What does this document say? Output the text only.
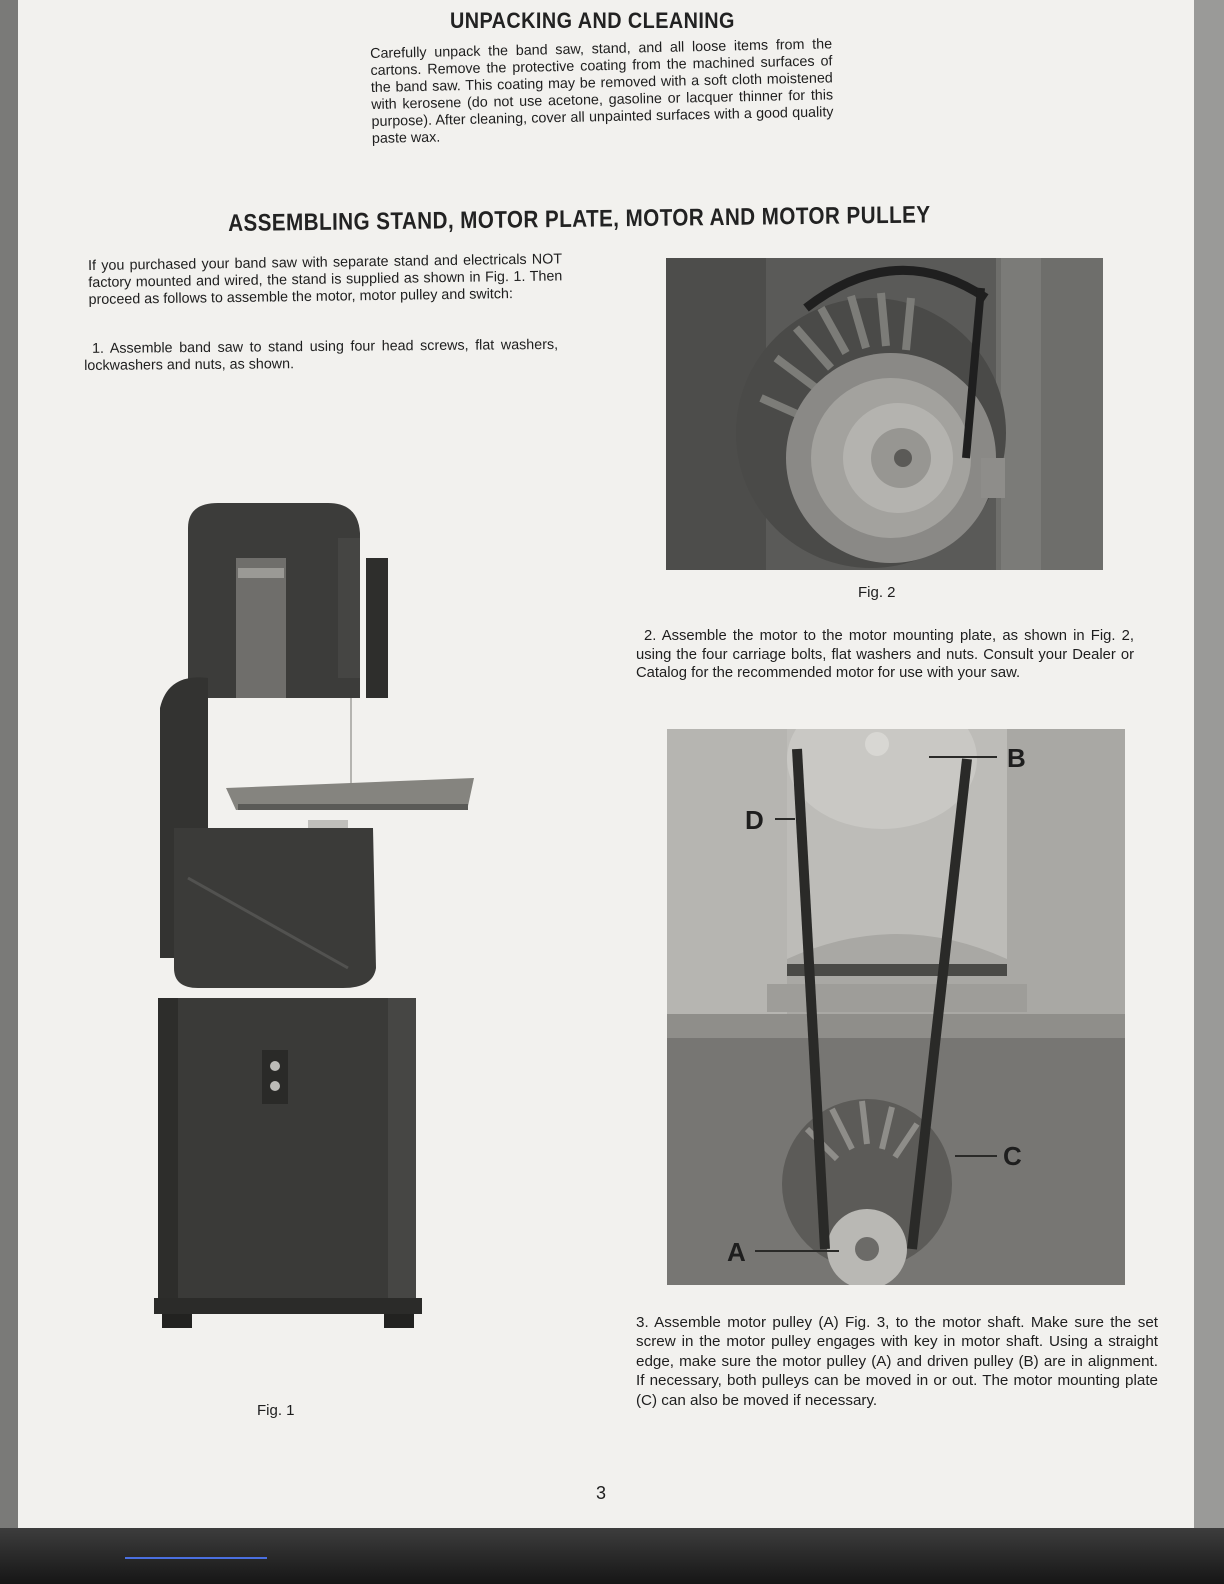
UNPACKING AND CLEANING

Carefully unpack the band saw, stand, and all loose items from the cartons. Remove the protective coating from the machined surfaces of the band saw. This coating may be removed with a soft cloth moistened with kerosene (do not use acetone, gasoline or lacquer thinner for this purpose). After cleaning, cover all unpainted surfaces with a good quality paste wax.

ASSEMBLING STAND, MOTOR PLATE, MOTOR AND MOTOR PULLEY

If you purchased your band saw with separate stand and electricals NOT factory mounted and wired, the stand is supplied as shown in Fig. 1. Then proceed as follows to assemble the motor, motor pulley and switch:

1. Assemble band saw to stand using four head screws, flat washers, lockwashers and nuts, as shown.

Fig. 2

2. Assemble the motor to the motor mounting plate, as shown in Fig. 2, using the four carriage bolts, flat washers and nuts. Consult your Dealer or Catalog for the recommended motor for use with your saw.

B
D
C
A

3. Assemble motor pulley (A) Fig. 3, to the motor shaft. Make sure the set screw in the motor pulley engages with key in motor shaft. Using a straight edge, make sure the motor pulley (A) and driven pulley (B) are in alignment. If necessary, both pulleys can be moved in or out. The motor mounting plate (C) can also be moved if necessary.

Fig. 1

3
